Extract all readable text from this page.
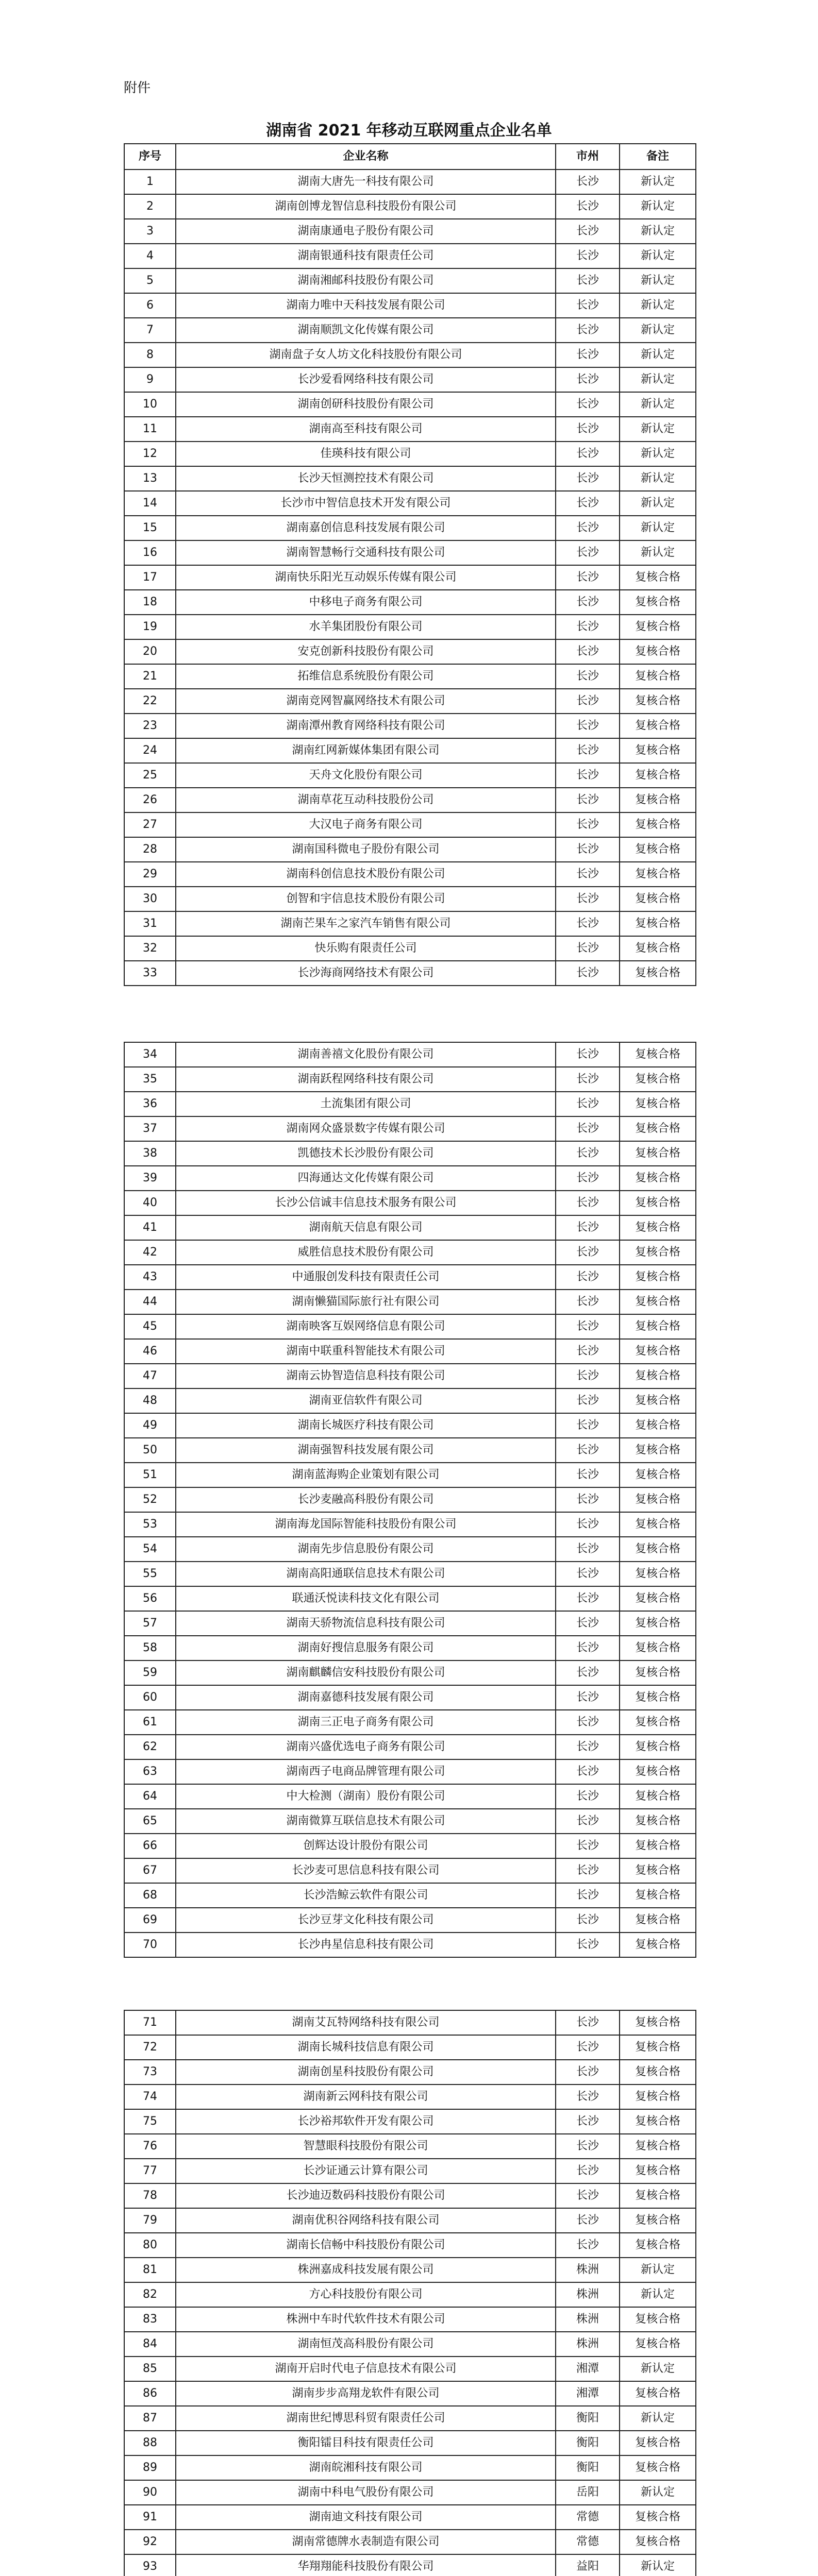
附件
湖南省 2021 年移动互联网重点企业名单
序号	企业名称	市州	备注
1	湖南大唐先一科技有限公司	长沙	新认定
2	湖南创博龙智信息科技股份有限公司	长沙	新认定
3	湖南康通电子股份有限公司	长沙	新认定
4	湖南银通科技有限责任公司	长沙	新认定
5	湖南湘邮科技股份有限公司	长沙	新认定
6	湖南力唯中天科技发展有限公司	长沙	新认定
7	湖南顺凯文化传媒有限公司	长沙	新认定
8	湖南盘子女人坊文化科技股份有限公司	长沙	新认定
9	长沙爱看网络科技有限公司	长沙	新认定
10	湖南创研科技股份有限公司	长沙	新认定
11	湖南高至科技有限公司	长沙	新认定
12	佳瑛科技有限公司	长沙	新认定
13	长沙天恒测控技术有限公司	长沙	新认定
14	长沙市中智信息技术开发有限公司	长沙	新认定
15	湖南嘉创信息科技发展有限公司	长沙	新认定
16	湖南智慧畅行交通科技有限公司	长沙	新认定
17	湖南快乐阳光互动娱乐传媒有限公司	长沙	复核合格
18	中移电子商务有限公司	长沙	复核合格
19	水羊集团股份有限公司	长沙	复核合格
20	安克创新科技股份有限公司	长沙	复核合格
21	拓维信息系统股份有限公司	长沙	复核合格
22	湖南竞网智赢网络技术有限公司	长沙	复核合格
23	湖南潭州教育网络科技有限公司	长沙	复核合格
24	湖南红网新媒体集团有限公司	长沙	复核合格
25	天舟文化股份有限公司	长沙	复核合格
26	湖南草花互动科技股份公司	长沙	复核合格
27	大汉电子商务有限公司	长沙	复核合格
28	湖南国科微电子股份有限公司	长沙	复核合格
29	湖南科创信息技术股份有限公司	长沙	复核合格
30	创智和宇信息技术股份有限公司	长沙	复核合格
31	湖南芒果车之家汽车销售有限公司	长沙	复核合格
32	快乐购有限责任公司	长沙	复核合格
33	长沙海商网络技术有限公司	长沙	复核合格
34	湖南善禧文化股份有限公司	长沙	复核合格
35	湖南跃程网络科技有限公司	长沙	复核合格
36	土流集团有限公司	长沙	复核合格
37	湖南网众盛景数字传媒有限公司	长沙	复核合格
38	凯德技术长沙股份有限公司	长沙	复核合格
39	四海通达文化传媒有限公司	长沙	复核合格
40	长沙公信诚丰信息技术服务有限公司	长沙	复核合格
41	湖南航天信息有限公司	长沙	复核合格
42	威胜信息技术股份有限公司	长沙	复核合格
43	中通服创发科技有限责任公司	长沙	复核合格
44	湖南懒猫国际旅行社有限公司	长沙	复核合格
45	湖南映客互娱网络信息有限公司	长沙	复核合格
46	湖南中联重科智能技术有限公司	长沙	复核合格
47	湖南云协智造信息科技有限公司	长沙	复核合格
48	湖南亚信软件有限公司	长沙	复核合格
49	湖南长城医疗科技有限公司	长沙	复核合格
50	湖南强智科技发展有限公司	长沙	复核合格
51	湖南蓝海购企业策划有限公司	长沙	复核合格
52	长沙麦融高科股份有限公司	长沙	复核合格
53	湖南海龙国际智能科技股份有限公司	长沙	复核合格
54	湖南先步信息股份有限公司	长沙	复核合格
55	湖南高阳通联信息技术有限公司	长沙	复核合格
56	联通沃悦读科技文化有限公司	长沙	复核合格
57	湖南天骄物流信息科技有限公司	长沙	复核合格
58	湖南好搜信息服务有限公司	长沙	复核合格
59	湖南麒麟信安科技股份有限公司	长沙	复核合格
60	湖南嘉德科技发展有限公司	长沙	复核合格
61	湖南三正电子商务有限公司	长沙	复核合格
62	湖南兴盛优选电子商务有限公司	长沙	复核合格
63	湖南西子电商品牌管理有限公司	长沙	复核合格
64	中大检测（湖南）股份有限公司	长沙	复核合格
65	湖南微算互联信息技术有限公司	长沙	复核合格
66	创辉达设计股份有限公司	长沙	复核合格
67	长沙麦可思信息科技有限公司	长沙	复核合格
68	长沙浩鲸云软件有限公司	长沙	复核合格
69	长沙豆芽文化科技有限公司	长沙	复核合格
70	长沙冉星信息科技有限公司	长沙	复核合格
71	湖南艾瓦特网络科技有限公司	长沙	复核合格
72	湖南长城科技信息有限公司	长沙	复核合格
73	湖南创星科技股份有限公司	长沙	复核合格
74	湖南新云网科技有限公司	长沙	复核合格
75	长沙裕邦软件开发有限公司	长沙	复核合格
76	智慧眼科技股份有限公司	长沙	复核合格
77	长沙证通云计算有限公司	长沙	复核合格
78	长沙迪迈数码科技股份有限公司	长沙	复核合格
79	湖南优积谷网络科技有限公司	长沙	复核合格
80	湖南长信畅中科技股份有限公司	长沙	复核合格
81	株洲嘉成科技发展有限公司	株洲	新认定
82	方心科技股份有限公司	株洲	新认定
83	株洲中车时代软件技术有限公司	株洲	复核合格
84	湖南恒茂高科股份有限公司	株洲	复核合格
85	湖南开启时代电子信息技术有限公司	湘潭	新认定
86	湖南步步高翔龙软件有限公司	湘潭	复核合格
87	湖南世纪博思科贸有限责任公司	衡阳	新认定
88	衡阳镭目科技有限责任公司	衡阳	复核合格
89	湖南皖湘科技有限公司	衡阳	复核合格
90	湖南中科电气股份有限公司	岳阳	新认定
91	湖南迪文科技有限公司	常德	复核合格
92	湖南常德牌水表制造有限公司	常德	复核合格
93	华翔翔能科技股份有限公司	益阳	新认定
